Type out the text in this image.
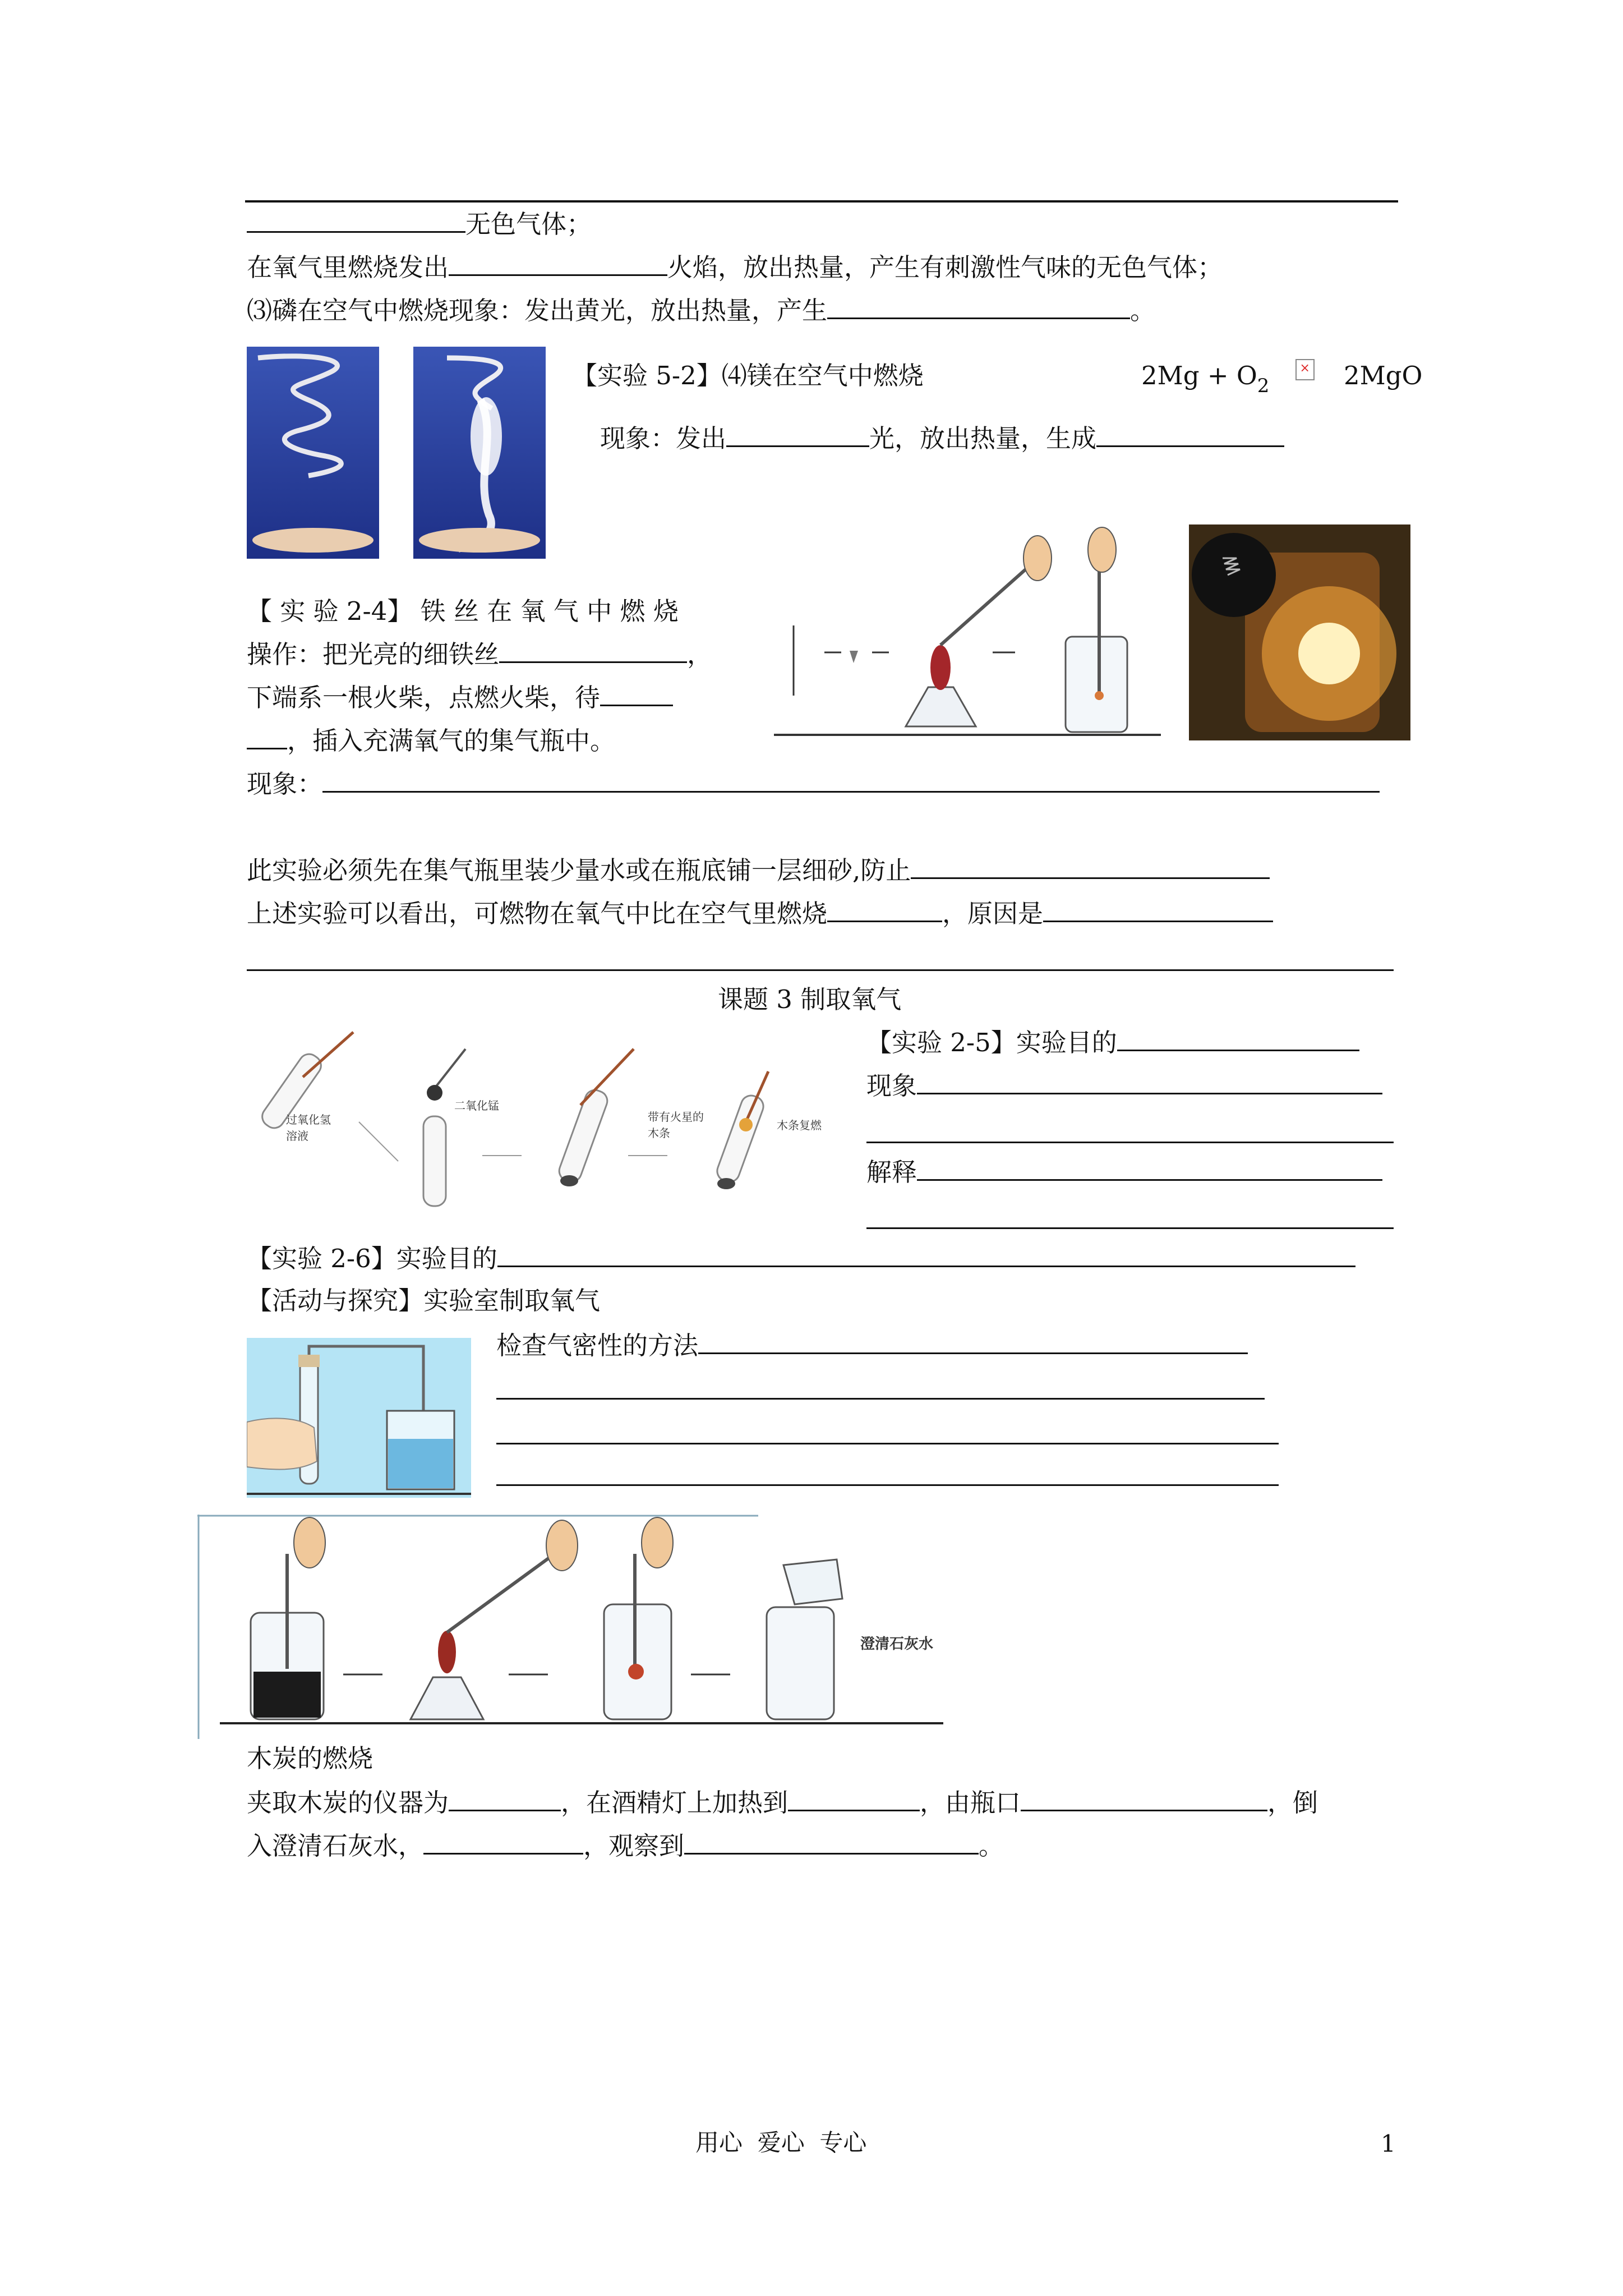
无色气体；
在氧气里燃烧发出	火焰，放出热量，产生有刺激性气味的无色气体；
⑶磷在空气中燃烧现象：发出黄光，放出热量，产生	。
【实验 5-2】⑷镁在空气中燃烧	$2Mg + O_2 \times 2MgO$
现象：发出	光，放出热量，生成
【 实 验 2-4】 铁 丝 在 氧 气 中 燃 烧
操作：把光亮的细铁丝	，
下端系一根火柴，点燃火柴，待
，插入充满氧气的集气瓶中。
现象：
此实验必须先在集气瓶里装少量水或在瓶底铺一层细砂,防止
上述实验可以看出，可燃物在氧气中比在空气里燃烧	，原因是
课题 3 制取氧气
过氧化氢溶液
二氧化锰
带有火星的木条
木条复燃
【实验 2-5】实验目的
现象
解释
【实验 2-6】实验目的
【活动与探究】实验室制取氧气
检查气密性的方法
澄清石灰水
木炭的燃烧
夹取木炭的仪器为	，在酒精灯上加热到	，由瓶口	，倒
入澄清石灰水，	，观察到	。
用心  爱心  专心	1
